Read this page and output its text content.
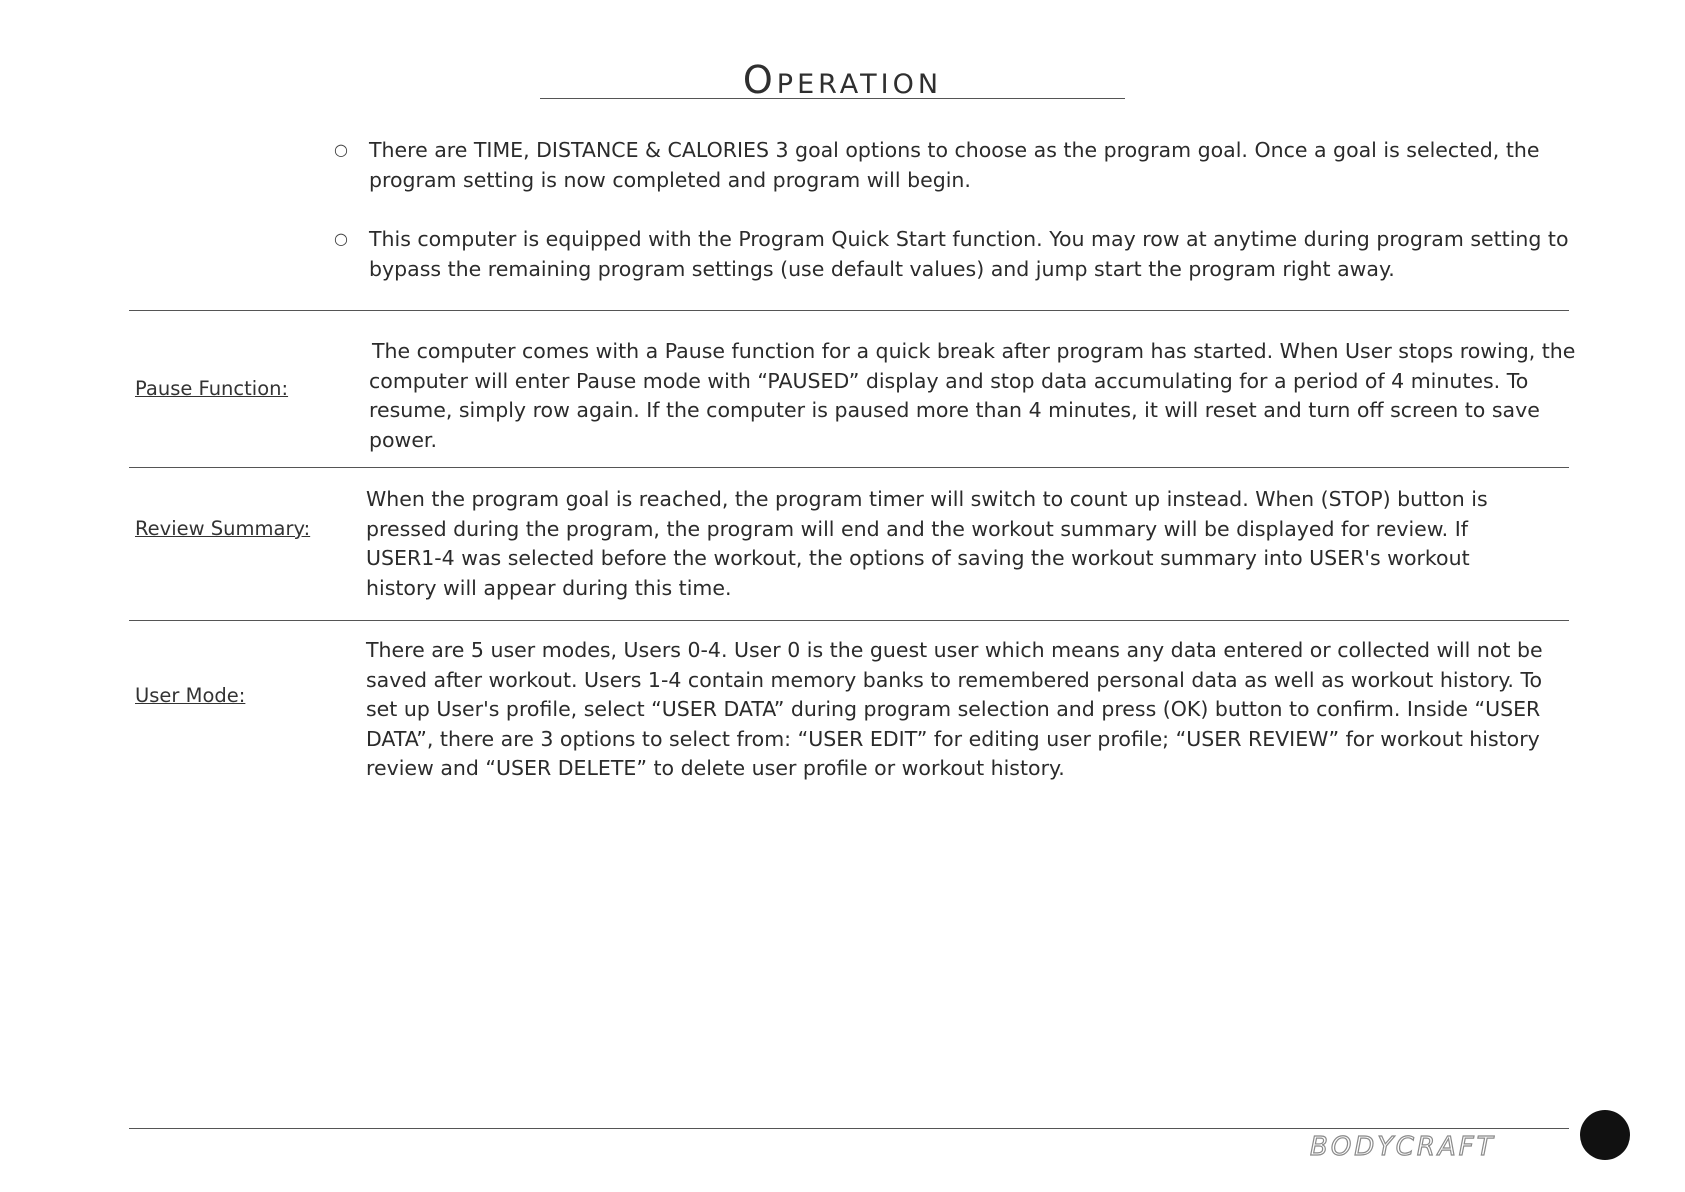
Operation
○ There are TIME, DISTANCE & CALORIES 3 goal options to choose as the program goal. Once a goal is selected, the program setting is now completed and program will begin.

○ This computer is equipped with the Program Quick Start function. You may row at anytime during program setting to bypass the remaining program settings (use default values) and jump start the program right away.

Pause Function:

The computer comes with a Pause function for a quick break after program has started. When User stops rowing, the computer will enter Pause mode with “PAUSED” display and stop data accumulating for a period of 4 minutes. To resume, simply row again. If the computer is paused more than 4 minutes, it will reset and turn off screen to save power.

Review Summary:

When the program goal is reached, the program timer will switch to count up instead. When (STOP) button is pressed during the program, the program will end and the workout summary will be displayed for review. If USER1-4 was selected before the workout, the options of saving the workout summary into USER's workout history will appear during this time.

User Mode:

There are 5 user modes, Users 0-4. User 0 is the guest user which means any data entered or collected will not be saved after workout. Users 1-4 contain memory banks to remembered personal data as well as workout history. To set up User's profile, select “USER DATA” during program selection and press (OK) button to confirm. Inside “USER DATA”, there are 3 options to select from: “USER EDIT” for editing user profile; “USER REVIEW” for workout history review and “USER DELETE” to delete user profile or workout history.

BODYCRAFT
